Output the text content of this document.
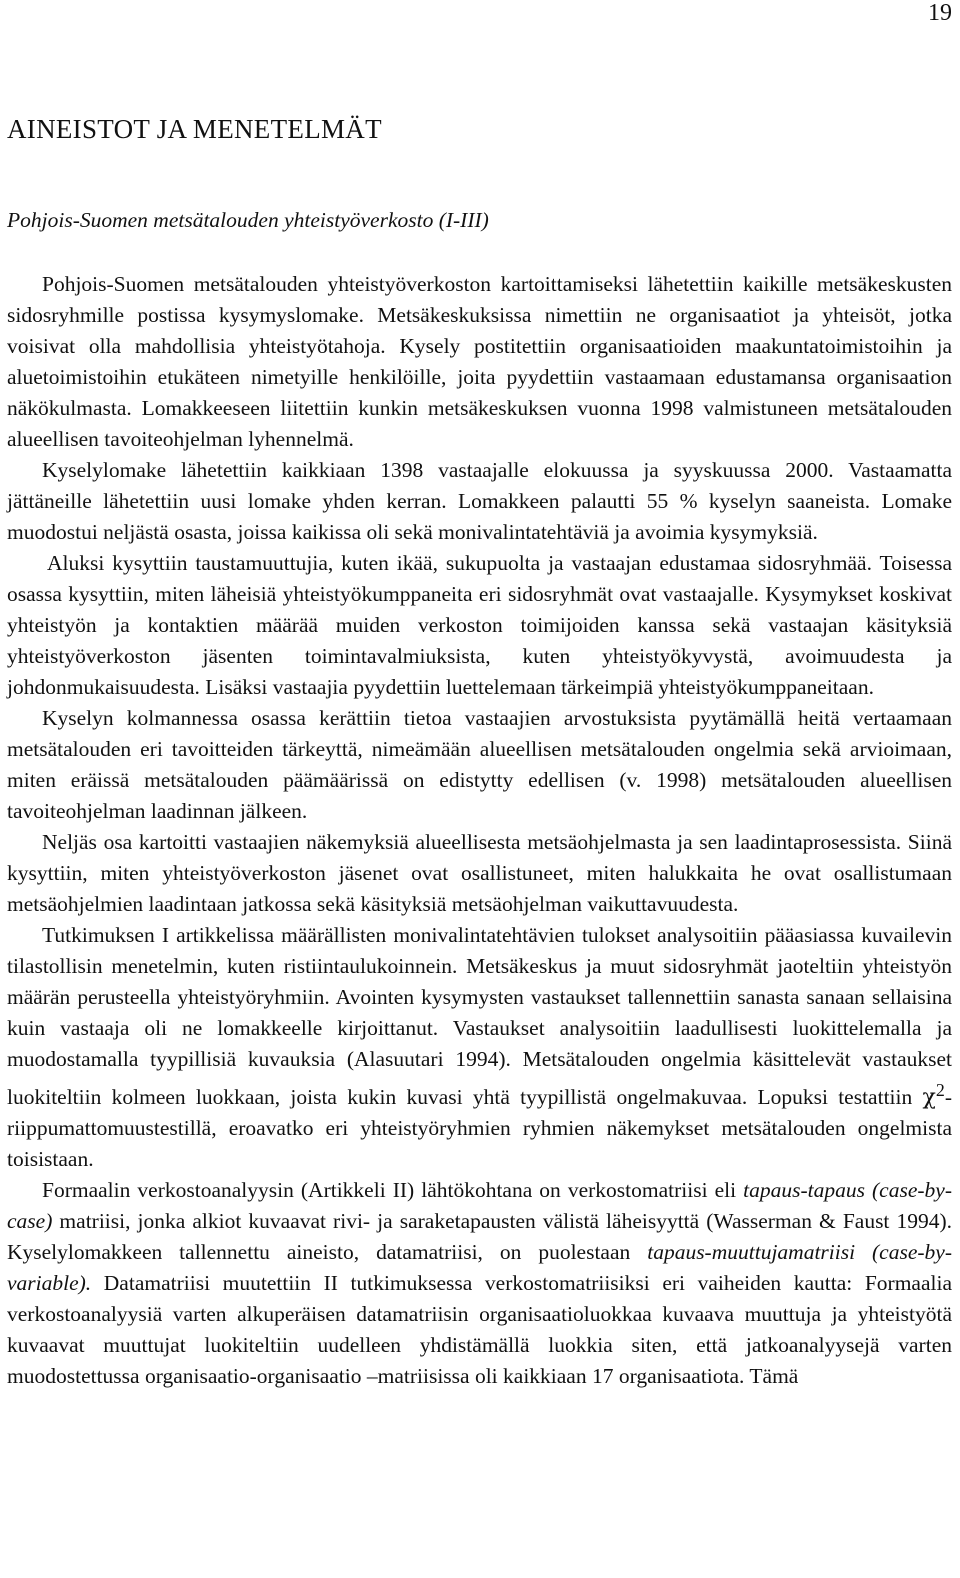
19
AINEISTOT JA MENETELMÄT
Pohjois-Suomen metsätalouden yhteistyöverkosto (I-III)

Pohjois-Suomen metsätalouden yhteistyöverkoston kartoittamiseksi lähetettiin kaikille metsäkeskusten sidosryhmille postissa kysymyslomake. Metsäkeskuksissa nimettiin ne organisaatiot ja yhteisöt, jotka voisivat olla mahdollisia yhteistyötahoja. Kysely postitettiin organisaatioiden maakuntatoimistoihin ja aluetoimistoihin etukäteen nimetyille henkilöille, joita pyydettiin vastaamaan edustamansa organisaation näkökulmasta. Lomakkeeseen liitettiin kunkin metsäkeskuksen vuonna 1998 valmistuneen metsätalouden alueellisen tavoiteohjelman lyhennelmä.

Kyselylomake lähetettiin kaikkiaan 1398 vastaajalle elokuussa ja syyskuussa 2000. Vastaamatta jättäneille lähetettiin uusi lomake yhden kerran. Lomakkeen palautti 55 % kyselyn saaneista. Lomake muodostui neljästä osasta, joissa kaikissa oli sekä monivalintatehtäviä ja avoimia kysymyksiä.

Aluksi kysyttiin taustamuuttujia, kuten ikää, sukupuolta ja vastaajan edustamaa sidosryhmää. Toisessa osassa kysyttiin, miten läheisiä yhteistyökumppaneita eri sidosryhmät ovat vastaajalle. Kysymykset koskivat yhteistyön ja kontaktien määrää muiden verkoston toimijoiden kanssa sekä vastaajan käsityksiä yhteistyöverkoston jäsenten toimintavalmiuksista, kuten yhteistyökyvystä, avoimuudesta ja johdonmukaisuudesta. Lisäksi vastaajia pyydettiin luettelemaan tärkeimpiä yhteistyökumppaneitaan.

Kyselyn kolmannessa osassa kerättiin tietoa vastaajien arvostuksista pyytämällä heitä vertaamaan metsätalouden eri tavoitteiden tärkeyttä, nimeämään alueellisen metsätalouden ongelmia sekä arvioimaan, miten eräissä metsätalouden päämäärissä on edistytty edellisen (v. 1998) metsätalouden alueellisen tavoiteohjelman laadinnan jälkeen.

Neljäs osa kartoitti vastaajien näkemyksiä alueellisesta metsäohjelmasta ja sen laadintaprosessista. Siinä kysyttiin, miten yhteistyöverkoston jäsenet ovat osallistuneet, miten halukkaita he ovat osallistumaan metsäohjelmien laadintaan jatkossa sekä käsityksiä metsäohjelman vaikuttavuudesta.

Tutkimuksen I artikkelissa määrällisten monivalintatehtävien tulokset analysoitiin pääasiassa kuvailevin tilastollisin menetelmin, kuten ristiintaulukoinnein. Metsäkeskus ja muut sidosryhmät jaoteltiin yhteistyön määrän perusteella yhteistyöryhmiin. Avointen kysymysten vastaukset tallennettiin sanasta sanaan sellaisina kuin vastaaja oli ne lomakkeelle kirjoittanut. Vastaukset analysoitiin laadullisesti luokittelemalla ja muodostamalla tyypillisiä kuvauksia (Alasuutari 1994). Metsätalouden ongelmia käsittelevät vastaukset luokiteltiin kolmeen luokkaan, joista kukin kuvasi yhtä tyypillistä ongelmakuvaa. Lopuksi testattiin $\chi^2$-riippumattomuustestillä, eroavatko eri yhteistyöryhmien ryhmien näkemykset metsätalouden ongelmista toisistaan.

Formaalin verkostoanalyysin (Artikkeli II) lähtökohtana on verkostomatriisi eli tapaus-tapaus (case-by-case) matriisi, jonka alkiot kuvaavat rivi- ja saraketapausten välistä läheisyyttä (Wasserman & Faust 1994). Kyselylomakkeen tallennettu aineisto, datamatriisi, on puolestaan tapaus-muuttujamatriisi (case-by-variable). Datamatriisi muutettiin II tutkimuksessa verkostomatriisiksi eri vaiheiden kautta: Formaalia verkostoanalyysiä varten alkuperäisen datamatriisin organisaatioluokkaa kuvaava muuttuja ja yhteistyötä kuvaavat muuttujat luokiteltiin uudelleen yhdistämällä luokkia siten, että jatkoanalyysejä varten muodostettussa organisaatio-organisaatio –matriisissa oli kaikkiaan 17 organisaatiota. Tämä
